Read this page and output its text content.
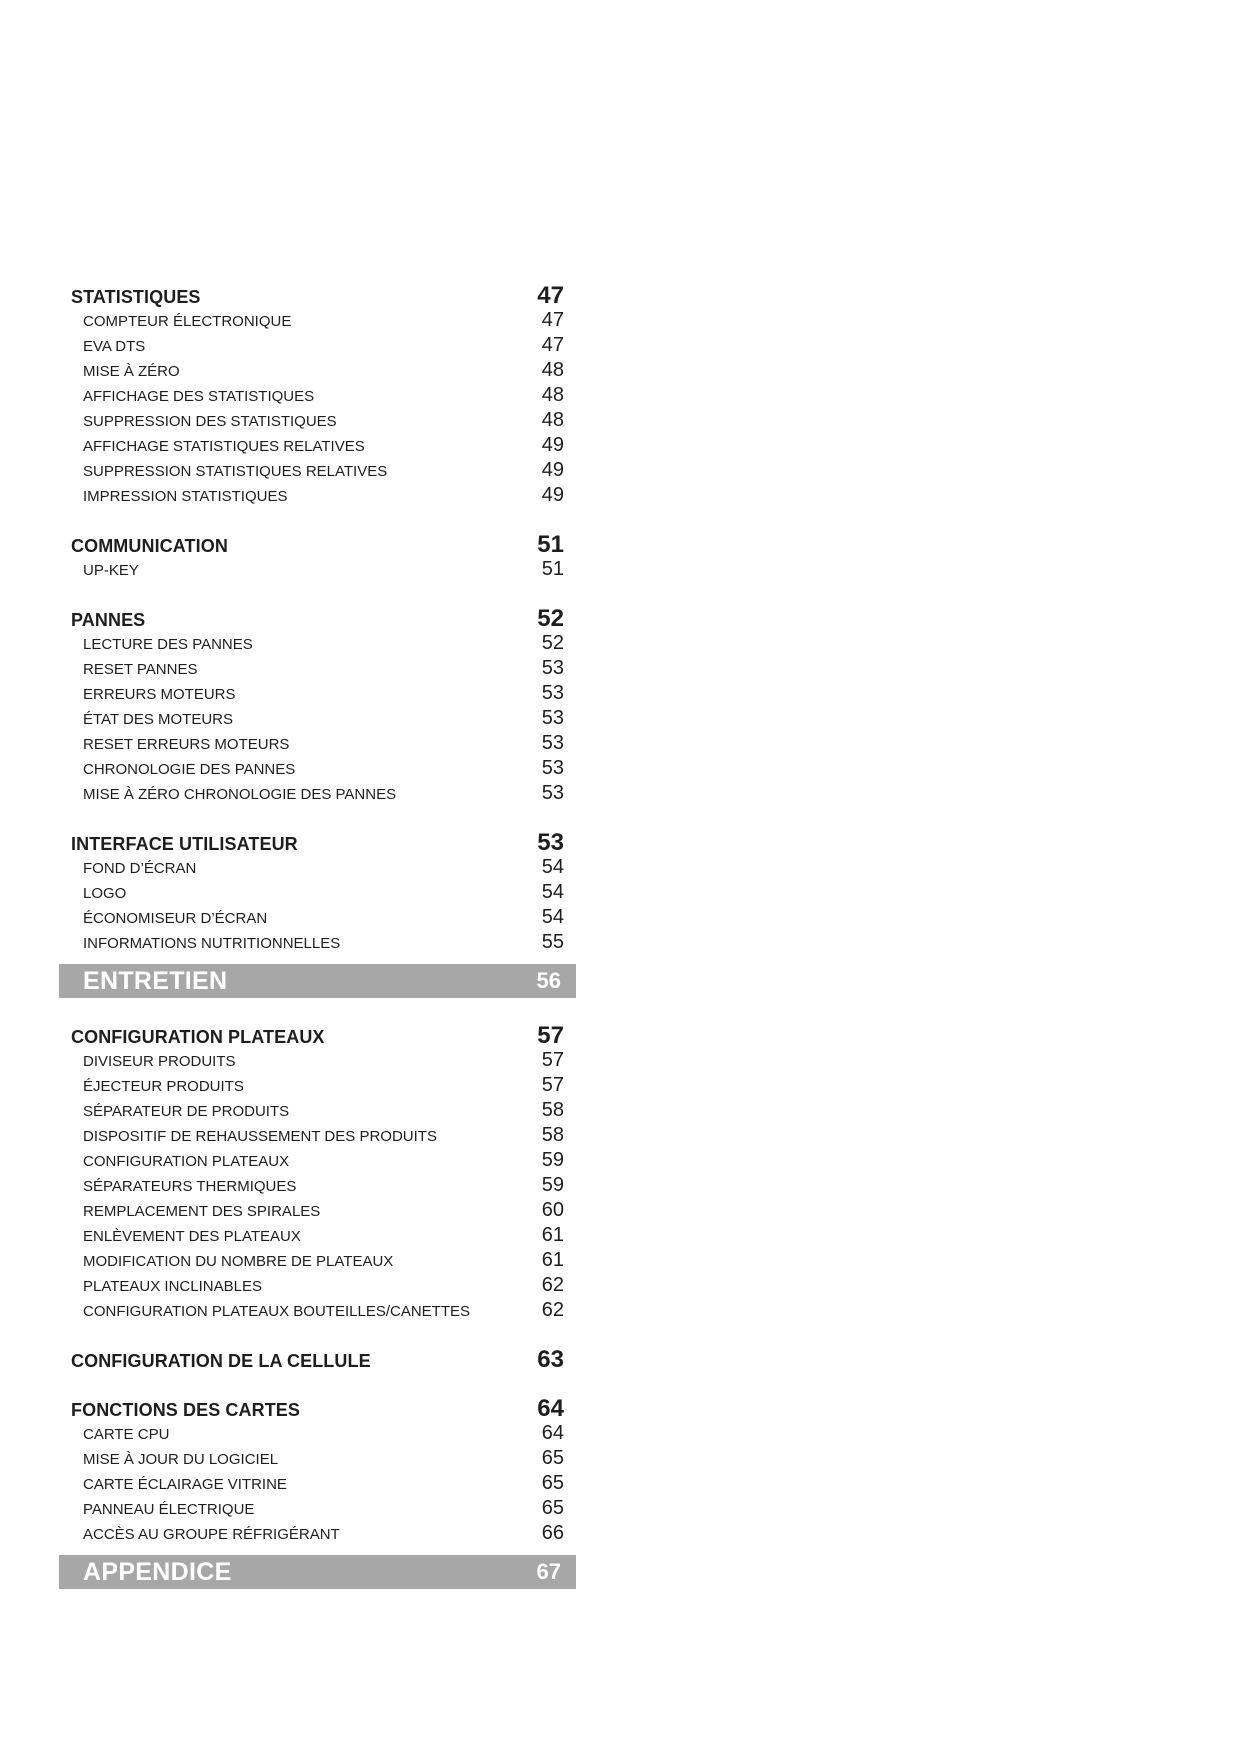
STATISTIQUES	47
COMPTEUR ÉLECTRONIQUE	47
EVA DTS	47
MISE À ZÉRO	48
AFFICHAGE DES STATISTIQUES	48
SUPPRESSION DES STATISTIQUES	48
AFFICHAGE STATISTIQUES RELATIVES	49
SUPPRESSION STATISTIQUES RELATIVES	49
IMPRESSION STATISTIQUES	49
COMMUNICATION	51
UP-KEY	51
PANNES	52
LECTURE DES PANNES	52
RESET PANNES	53
ERREURS MOTEURS	53
ÉTAT DES MOTEURS	53
RESET ERREURS MOTEURS	53
CHRONOLOGIE DES PANNES	53
MISE À ZÉRO CHRONOLOGIE DES PANNES	53
INTERFACE UTILISATEUR	53
FOND D’ÉCRAN	54
LOGO	54
ÉCONOMISEUR D’ÉCRAN	54
INFORMATIONS NUTRITIONNELLES	55
ENTRETIEN	56
CONFIGURATION PLATEAUX	57
DIVISEUR PRODUITS	57
ÉJECTEUR PRODUITS	57
SÉPARATEUR DE PRODUITS	58
DISPOSITIF DE REHAUSSEMENT DES PRODUITS	58
CONFIGURATION PLATEAUX	59
SÉPARATEURS THERMIQUES	59
REMPLACEMENT DES SPIRALES	60
ENLÈVEMENT DES PLATEAUX	61
MODIFICATION DU NOMBRE DE PLATEAUX	61
PLATEAUX INCLINABLES	62
CONFIGURATION PLATEAUX BOUTEILLES/CANETTES	62
CONFIGURATION DE LA CELLULE	63
FONCTIONS DES CARTES	64
CARTE CPU	64
MISE À JOUR DU LOGICIEL	65
CARTE ÉCLAIRAGE VITRINE	65
PANNEAU ÉLECTRIQUE	65
ACCÈS AU GROUPE RÉFRIGÉRANT	66
APPENDICE	67
